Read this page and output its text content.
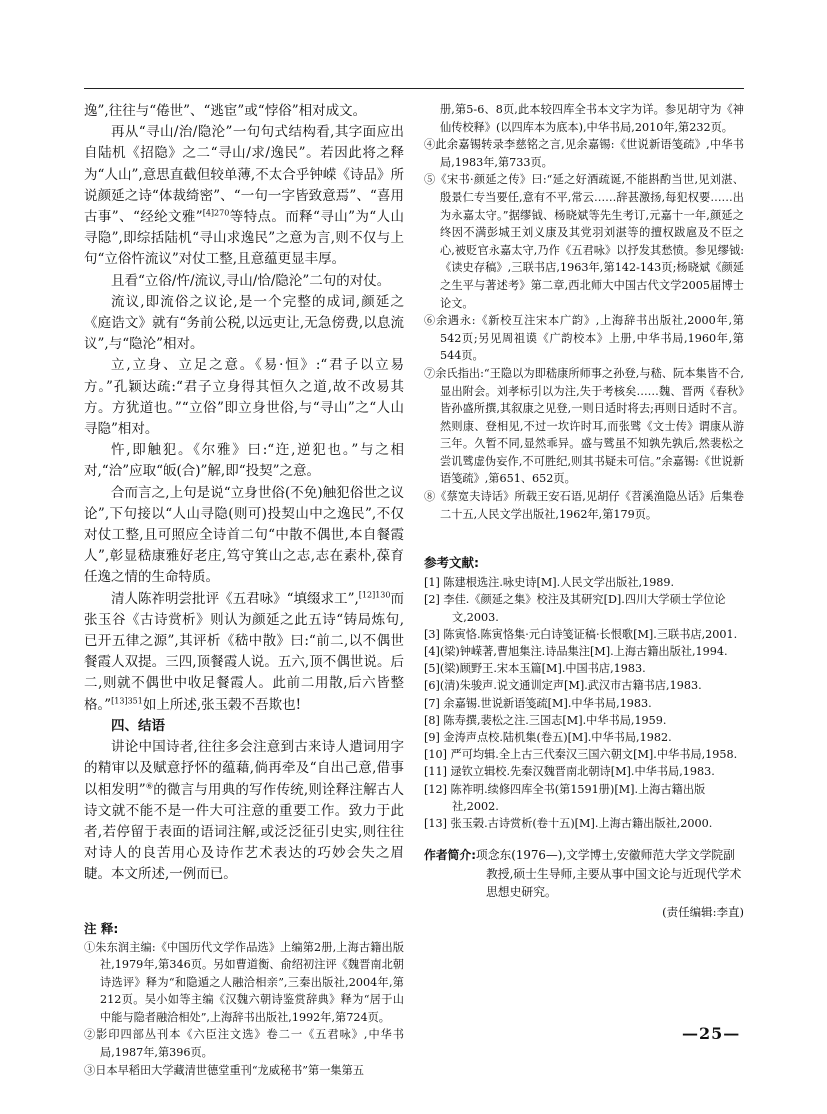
逸”,往往与“倦世”、“逃宦”或“悖俗”相对成文。

再从“寻山/治/隐沦”一句句式结构看,其字面应出自陆机《招隐》之二“寻山/求/逸民”。若因此将之释为“人山”,意思直截但较单薄,不太合乎钟嵘《诗品》所说颜延之诗“体裁绮密”、“一句一字皆致意焉”、“喜用古事”、“经纶文雅”$^{[4]270}$等特点。而释“寻山”为“人山寻隐”,即综括陆机“寻山求逸民”之意为言,则不仅与上句“立俗忤流议”对仗工整,且意蕴更显丰厚。

且看“立俗/忤/流议,寻山/恰/隐沦”二句的对仗。

流议,即流俗之议论,是一个完整的成词,颜延之《庭诰文》就有“务前公税,以远吏让,无急傍费,以息流议”,与“隐沦”相对。

立,立身、立足之意。《易·恒》:“君子以立易方。”孔颖达疏:“君子立身得其恒久之道,故不改易其方。方犹道也。”“立俗”即立身世俗,与“寻山”之“人山寻隐”相对。

忤,即触犯。《尔雅》曰:“迕,逆犯也。”与之相对,“洽”应取“皈(合)”解,即“投契”之意。

合而言之,上句是说“立身世俗(不免)触犯俗世之议论”,下句接以“人山寻隐(则可)投契山中之逸民”,不仅对仗工整,且可照应全诗首二句“中散不偶世,本自餐霞人”,彰显嵇康雅好老庄,笃守箕山之志,志在素朴,葆育任逸之情的生命特质。

清人陈祚明尝批评《五君咏》“填缀求工”,$^{[12]130}$而张玉谷《古诗赏析》则认为颜延之此五诗“铸局炼句,已开五律之源”,其评析《嵇中散》曰:“前二,以不偶世餐霞人双提。三四,顶餐霞人说。五六,顶不偶世说。后二,则就不偶世中收足餐霞人。此前二用散,后六皆整格。”$^{[13]351}$如上所述,张玉榖不吾欺也!

四、结语

讲论中国诗者,往往多会注意到古来诗人遣词用字的精审以及赋意抒怀的蕴藉,倘再牵及“自出己意,借事以相发明”⑥的微言与用典的写作传统,则诠释注解古人诗文就不能不是一件大可注意的重要工作。致力于此者,若停留于表面的语词注解,或泛泛征引史实,则往往对诗人的良苦用心及诗作艺术表达的巧妙会失之眉睫。本文所述,一例而已。

注 释:
①朱东润主编:《中国历代文学作品选》上编第2册,上海古籍出版社,1979年,第346页。另如曹道衡、俞绍初注评《魏晋南北朝诗选评》释为“和隐遁之人融洽相亲”,三秦出版社,2004年,第212页。吴小如等主编《汉魏六朝诗鉴赏辞典》释为“居于山中能与隐者融洽相处”,上海辞书出版社,1992年,第724页。
②影印四部丛刊本《六臣注文选》卷二一《五君咏》,中华书局,1987年,第396页。
③日本早稻田大学藏清世德堂重刊“龙威秘书”第一集第五
册,第5-6、8页,此本较四库全书本文字为详。参见胡守为《神仙传校释》(以四库本为底本),中华书局,2010年,第232页。
④此余嘉锡转录李慈铭之言,见余嘉锡:《世说新语笺疏》,中华书局,1983年,第733页。
⑤《宋书·颜延之传》曰:“延之好酒疏诞,不能斟酌当世,见刘湛、殷景仁专当要任,意有不平,常云……辞甚激扬,每犯权要……出为永嘉太守。”据缪钺、杨晓斌等先生考订,元嘉十一年,颜延之终因不满彭城王刘义康及其党羽刘湛等的擅权跋扈及不臣之心,被贬官永嘉太守,乃作《五君咏》以抒发其愁愤。参见缪钺:《读史存稿》,三联书店,1963年,第142-143页;杨晓斌《颜延之生平与著述考》第二章,西北师大中国古代文学2005届博士论文。
⑥余遇永:《新校互注宋本广韵》,上海辞书出版社,2000年,第542页;另见周祖谟《广韵校本》上册,中华书局,1960年,第544页。
⑦余氏指出:“王隐以为即嵇康所师事之孙登,与嵇、阮本集皆不合,显出附会。刘孝标引以为注,失于考核矣……魏、晋两《春秋》皆孙盛所撰,其叙康之见登,一则日适时将去;再则日适时不言。然则康、登相见,不过一坎许时耳,而张骘《文士传》谓康从游三年。久暂不同,显然乖异。盛与骘虽不知孰先孰后,然裴松之尝讥骘虚伪妄作,不可胜纪,则其书疑未可信。”余嘉锡:《世说新语笺疏》,第651、652页。
⑧《蔡宽夫诗话》所载王安石语,见胡仔《苕溪渔隐丛话》后集卷二十五,人民文学出版社,1962年,第179页。
参考文献:
[1] 陈建根选注.咏史诗[M].人民文学出版社,1989.
[2] 李佳.《颜延之集》校注及其研究[D].四川大学硕士学位论文,2003.
[3] 陈寅恪.陈寅恪集·元白诗笺证稿·长恨歌[M].三联书店,2001.
[4](梁)钟嵘著,曹旭集注.诗品集注[M].上海古籍出版社,1994.
[5](梁)顾野王.宋本玉篇[M].中国书店,1983.
[6](清)朱骏声.说文通训定声[M].武汉市古籍书店,1983.
[7] 余嘉锡.世说新语笺疏[M].中华书局,1983.
[8] 陈寿撰,裴松之注.三国志[M].中华书局,1959.
[9] 金涛声点校.陆机集(卷五)[M].中华书局,1982.
[10] 严可均辑.全上古三代秦汉三国六朝文[M].中华书局,1958.
[11] 逯钦立辑校.先秦汉魏晋南北朝诗[M].中华书局,1983.
[12] 陈祚明.续修四库全书(第1591册)[M].上海古籍出版社,2002.
[13] 张玉榖.古诗赏析(卷十五)[M].上海古籍出版社,2000.
作者简介:项念东(1976—),文学博士,安徽师范大学文学院副教授,硕士生导师,主要从事中国文论与近现代学术思想史研究。
(责任编辑:李直)
—25—
